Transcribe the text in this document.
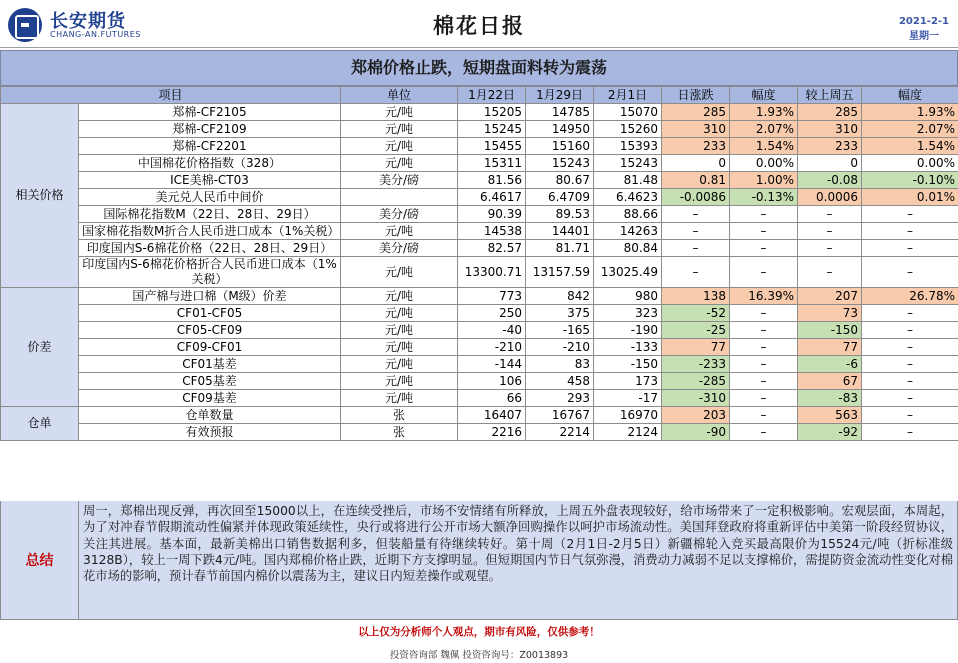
长安期货
CHANG-AN.FUTURES	棉花日报	2021-2-1
星期一
郑棉价格止跌，短期盘面料转为震荡
项目		单位	1月22日	1月29日	2月1日	日涨跌	幅度	较上周五	幅度
相关价格	郑棉-CF2105	元/吨	15205	14785	15070	285	1.93%	285	1.93%
	郑棉-CF2109	元/吨	15245	14950	15260	310	2.07%	310	2.07%
	郑棉-CF2201	元/吨	15455	15160	15393	233	1.54%	233	1.54%
	中国棉花价格指数（328）	元/吨	15311	15243	15243	0	0.00%	0	0.00%
	ICE美棉-CT03	美分/磅	81.56	80.67	81.48	0.81	1.00%	-0.08	-0.10%
	美元兑人民币中间价		6.4617	6.4709	6.4623	-0.0086	-0.13%	0.0006	0.01%
	国际棉花指数M（22日、28日、29日）	美分/磅	90.39	89.53	88.66	–	–	–	–
	国家棉花指数M折合人民币进口成本（1%关税）	元/吨	14538	14401	14263	–	–	–	–
	印度国内S-6棉花价格（22日、28日、29日）	美分/磅	82.57	81.71	80.84	–	–	–	–
	印度国内S-6棉花价格折合人民币进口成本（1%关税）	元/吨	13300.71	13157.59	13025.49	–	–	–	–
价差	国产棉与进口棉（M级）价差	元/吨	773	842	980	138	16.39%	207	26.78%
	CF01-CF05	元/吨	250	375	323	-52	–	73	–
	CF05-CF09	元/吨	-40	-165	-190	-25	–	-150	–
	CF09-CF01	元/吨	-210	-210	-133	77	–	77	–
	CF01基差	元/吨	-144	83	-150	-233	–	-6	–
	CF05基差	元/吨	106	458	173	-285	–	67	–
	CF09基差	元/吨	66	293	-17	-310	–	-83	–
仓单	仓单数量	张	16407	16767	16970	203	–	563	–
	有效预报	张	2216	2214	2124	-90	–	-92	–
总结
周一，郑棉出现反弹，再次回至15000以上，在连续受挫后，市场不安情绪有所释放，上周五外盘表现较好，给市场带来了一定积极影响。宏观层面，本周起，为了对冲春节假期流动性偏紧并体现政策延续性，央行或将进行公开市场大额净回购操作以呵护市场流动性。美国拜登政府将重新评估中美第一阶段经贸协议，关注其进展。基本面，最新美棉出口销售数据利多，但装船量有待继续转好。第十周（2月1日-2月5日）新疆棉轮入竞买最高限价为15524元/吨（折标准级3128B），较上一周下跌4元/吨。国内郑棉价格止跌，近期下方支撑明显。但短期国内节日气氛弥漫，消费动力减弱不足以支撑棉价，需提防资金流动性变化对棉花市场的影响，预计春节前国内棉价以震荡为主，建议日内短差操作或观望。
以上仅为分析师个人观点，期市有风险，仅供参考！
投资咨询部 魏佩 投资咨询号：Z0013893
